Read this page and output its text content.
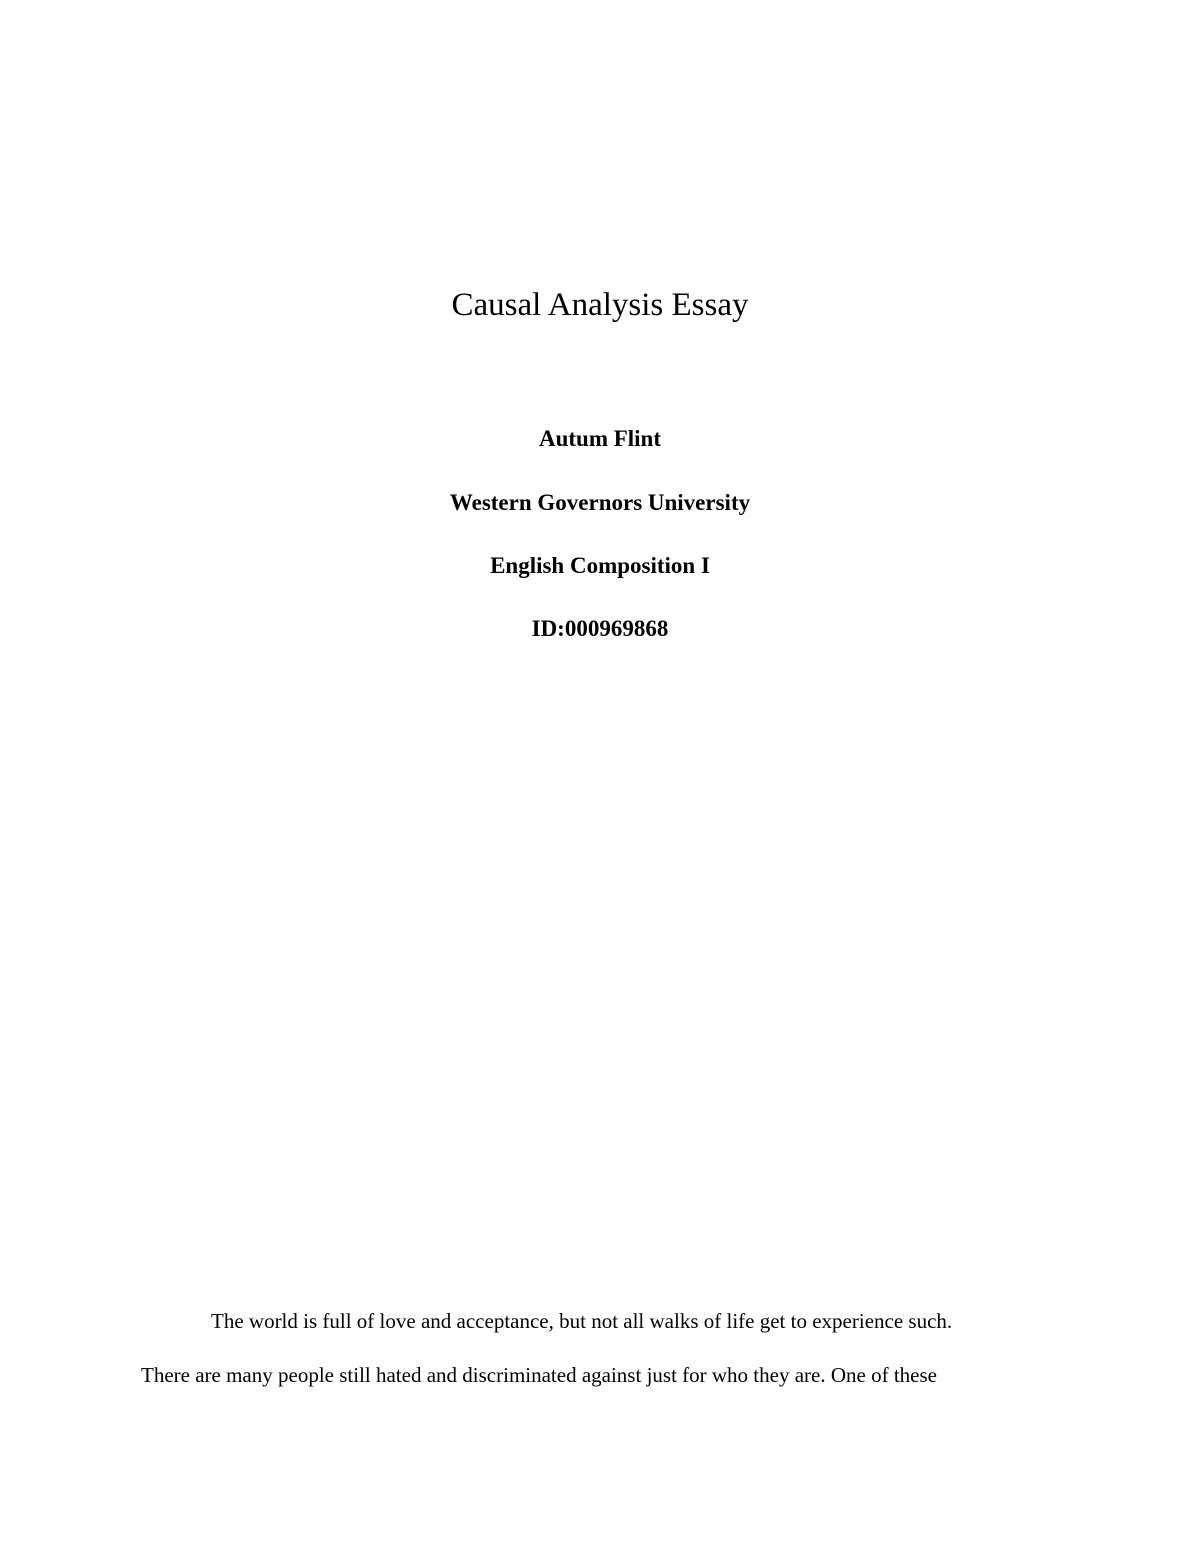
Causal Analysis Essay

Autum Flint

Western Governors University

English Composition I

ID:000969868

The world is full of love and acceptance, but not all walks of life get to experience such.

There are many people still hated and discriminated against just for who they are. One of these
